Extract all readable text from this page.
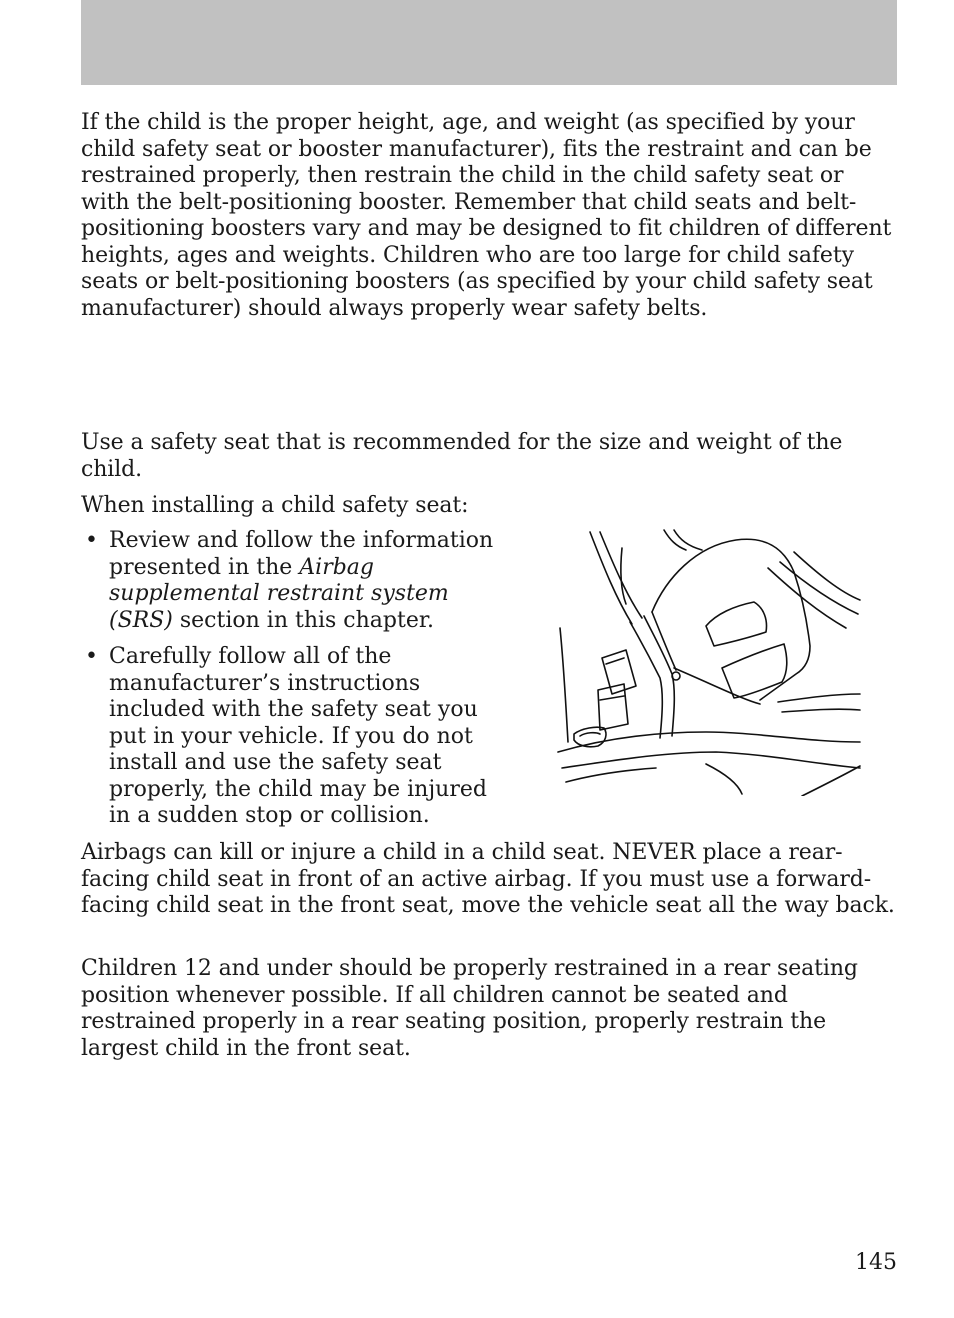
If the child is the proper height, age, and weight (as specified by your child safety seat or booster manufacturer), fits the restraint and can be restrained properly, then restrain the child in the child safety seat or with the belt-positioning booster. Remember that child seats and belt-positioning boosters vary and may be designed to fit children of different heights, ages and weights. Children who are too large for child safety seats or belt-positioning boosters (as specified by your child safety seat manufacturer) should always properly wear safety belts.

Use a safety seat that is recommended for the size and weight of the child.

When installing a child safety seat:

• Review and follow the information presented in the Airbag supplemental restraint system (SRS) section in this chapter.
• Carefully follow all of the manufacturer’s instructions included with the safety seat you put in your vehicle. If you do not install and use the safety seat properly, the child may be injured in a sudden stop or collision.

Airbags can kill or injure a child in a child seat. NEVER place a rear-facing child seat in front of an active airbag. If you must use a forward-facing child seat in the front seat, move the vehicle seat all the way back.

Children 12 and under should be properly restrained in a rear seating position whenever possible. If all children cannot be seated and restrained properly in a rear seating position, properly restrain the largest child in the front seat.

145
